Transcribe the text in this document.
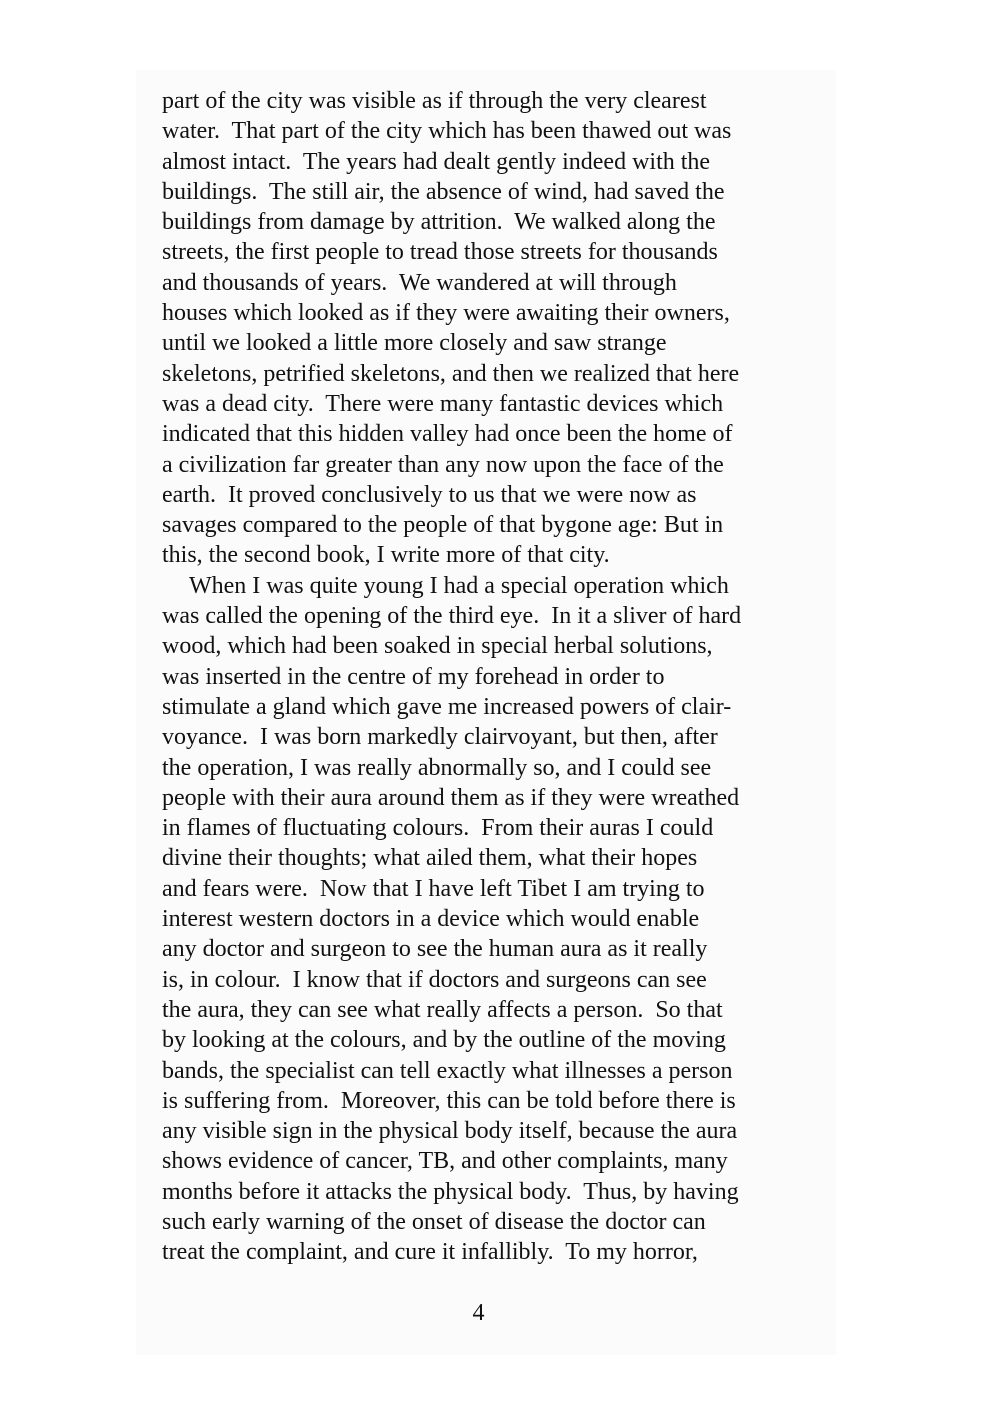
part of the city was visible as if through the very clearest
water.  That part of the city which has been thawed out was
almost intact.  The years had dealt gently indeed with the
buildings.  The still air, the absence of wind, had saved the
buildings from damage by attrition.  We walked along the
streets, the first people to tread those streets for thousands
and thousands of years.  We wandered at will through
houses which looked as if they were awaiting their owners,
until we looked a little more closely and saw strange
skeletons, petrified skeletons, and then we realized that here
was a dead city.  There were many fantastic devices which
indicated that this hidden valley had once been the home of
a civilization far greater than any now upon the face of the
earth.  It proved conclusively to us that we were now as
savages compared to the people of that bygone age: But in
this, the second book, I write more of that city.
When I was quite young I had a special operation which
was called the opening of the third eye.  In it a sliver of hard
wood, which had been soaked in special herbal solutions,
was inserted in the centre of my forehead in order to
stimulate a gland which gave me increased powers of clair-
voyance.  I was born markedly clairvoyant, but then, after
the operation, I was really abnormally so, and I could see
people with their aura around them as if they were wreathed
in flames of fluctuating colours.  From their auras I could
divine their thoughts; what ailed them, what their hopes
and fears were.  Now that I have left Tibet I am trying to
interest western doctors in a device which would enable
any doctor and surgeon to see the human aura as it really
is, in colour.  I know that if doctors and surgeons can see
the aura, they can see what really affects a person.  So that
by looking at the colours, and by the outline of the moving
bands, the specialist can tell exactly what illnesses a person
is suffering from.  Moreover, this can be told before there is
any visible sign in the physical body itself, because the aura
shows evidence of cancer, TB, and other complaints, many
months before it attacks the physical body.  Thus, by having
such early warning of the onset of disease the doctor can
treat the complaint, and cure it infallibly.  To my horror,
4
